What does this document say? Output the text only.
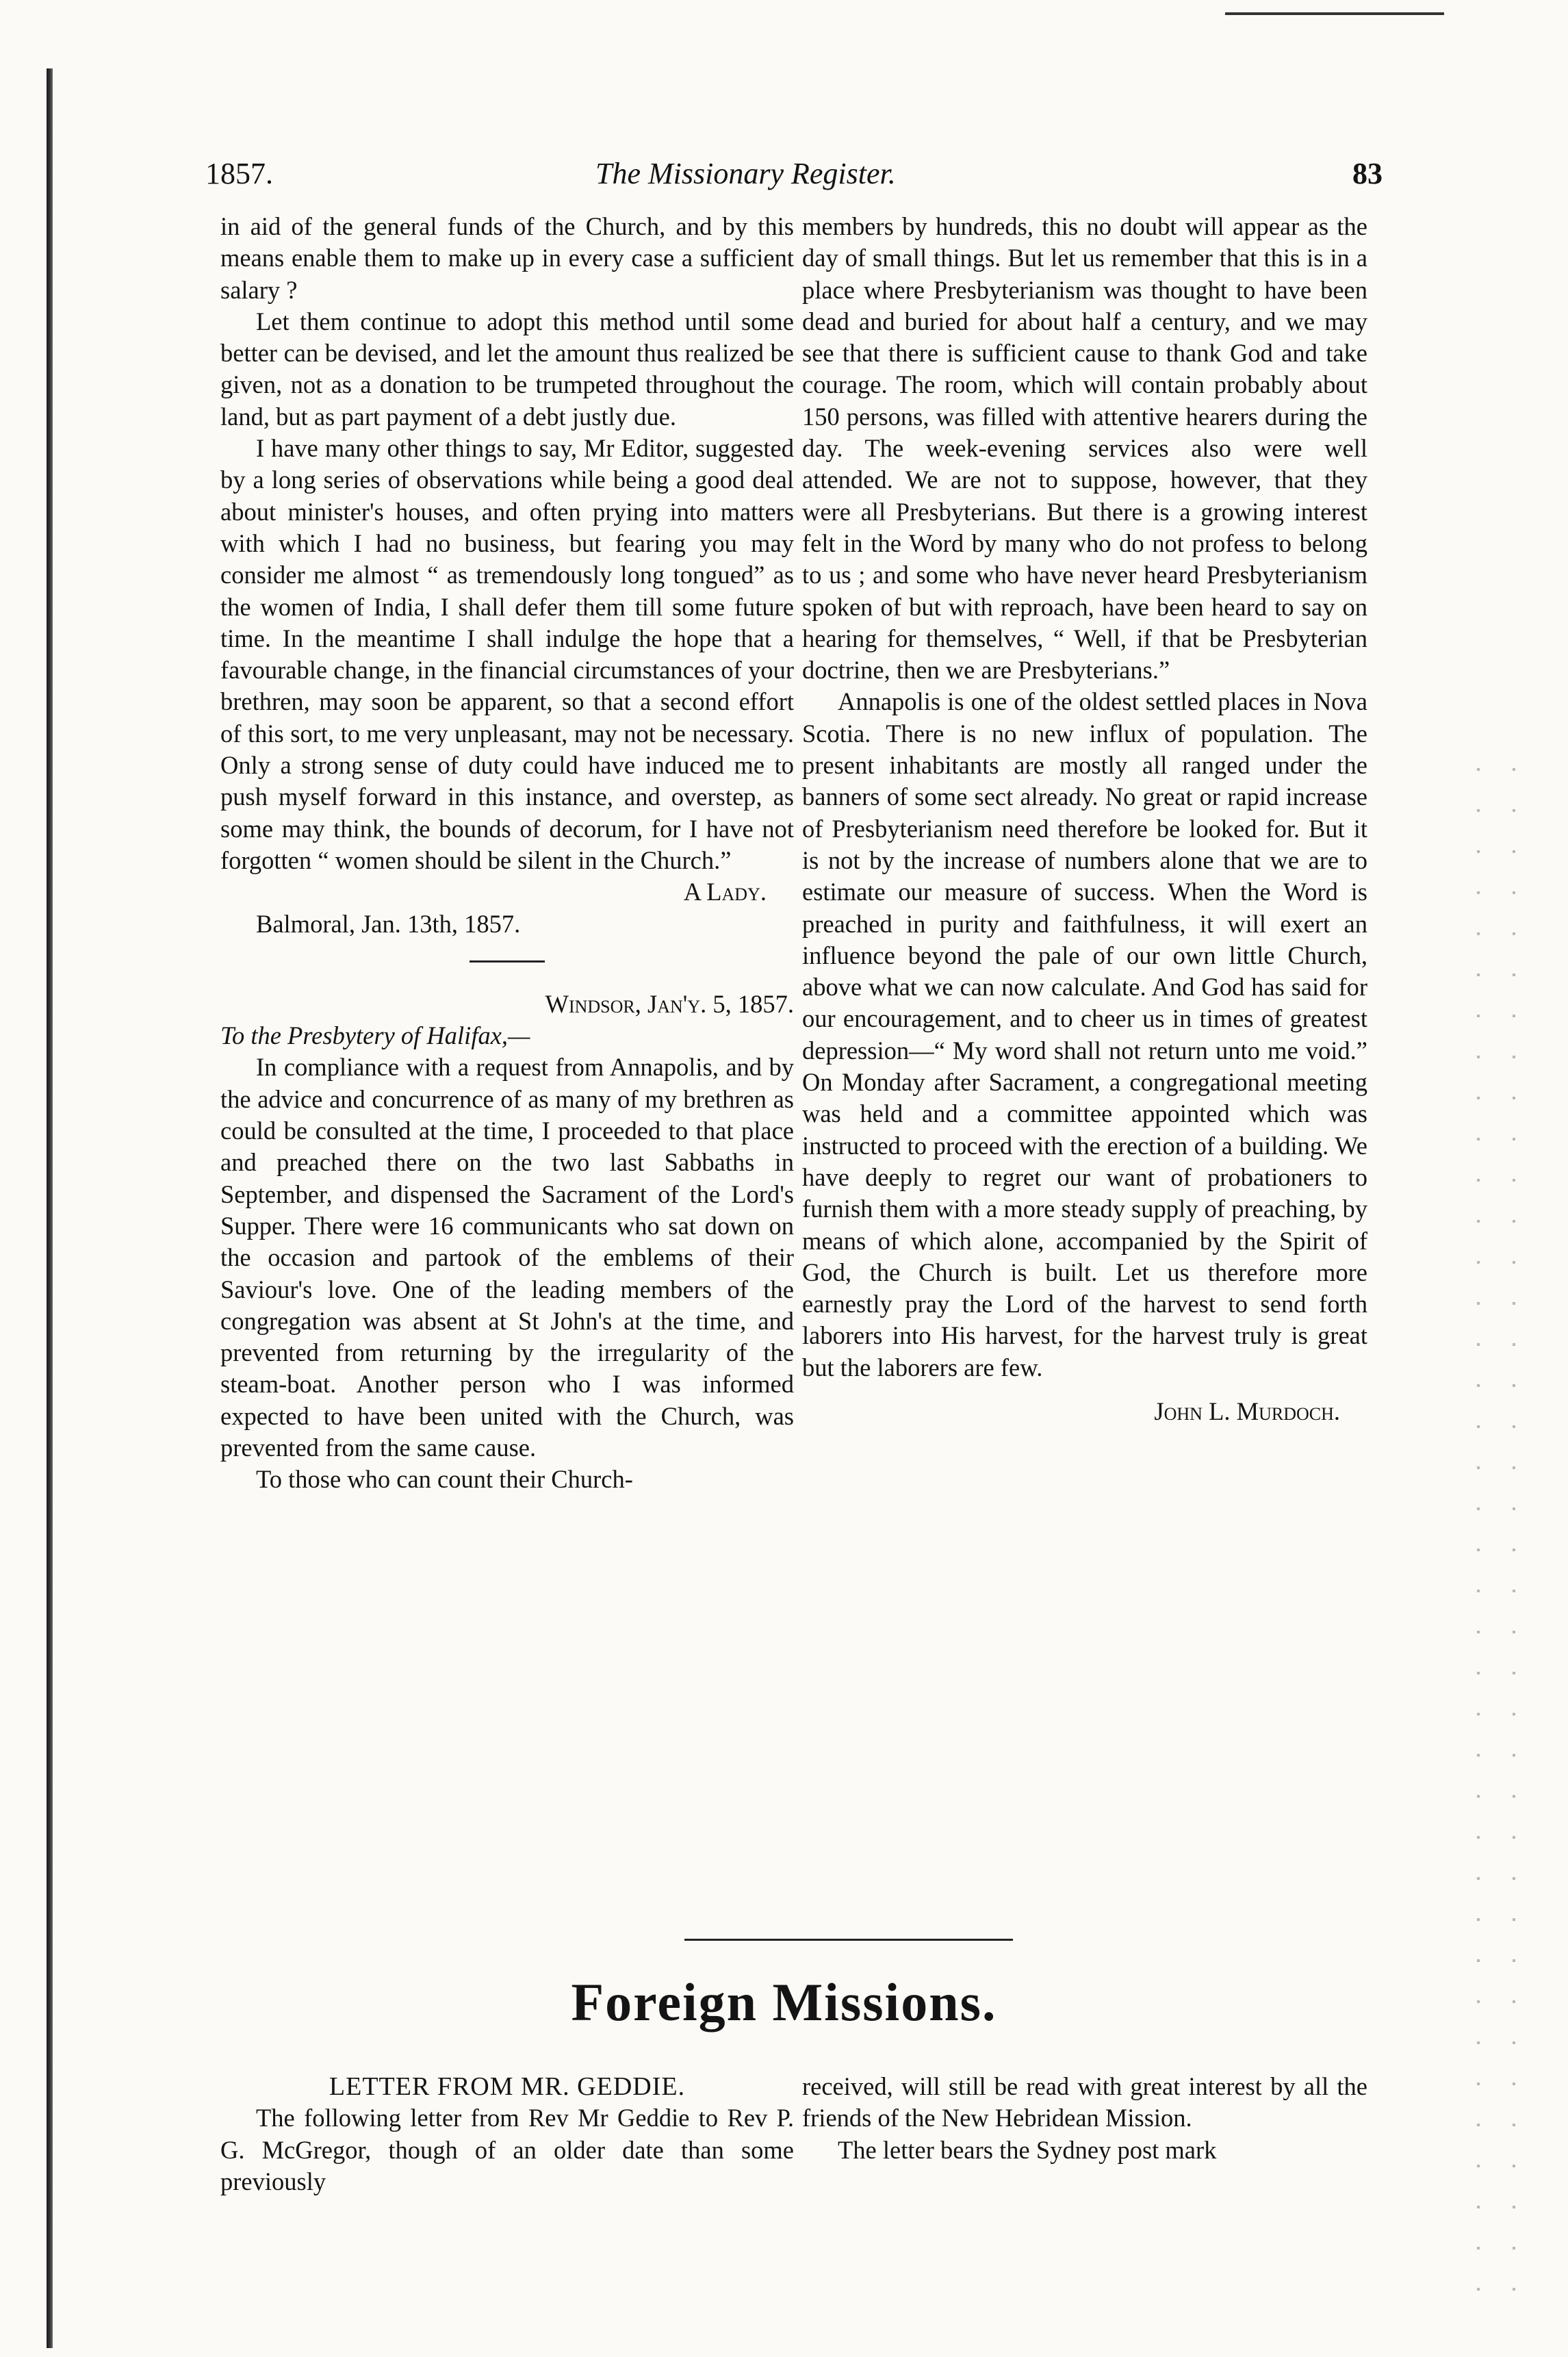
1857.	The Missionary Register.	83

in aid of the general funds of the Church, and by this means enable them to make up in every case a sufficient salary ?

Let them continue to adopt this method until some better can be devised, and let the amount thus realized be given, not as a donation to be trumpeted throughout the land, but as part payment of a debt justly due.

I have many other things to say, Mr Editor, suggested by a long series of observations while being a good deal about minister's houses, and often prying into matters with which I had no business, but fearing you may consider me almost “ as tremendously long tongued” as the women of India, I shall defer them till some future time. In the meantime I shall indulge the hope that a favourable change, in the financial circumstances of your brethren, may soon be apparent, so that a second effort of this sort, to me very unpleasant, may not be necessary. Only a strong sense of duty could have induced me to push myself forward in this instance, and overstep, as some may think, the bounds of decorum, for I have not forgotten “ women should be silent in the Church.”

A Lady.

Balmoral, Jan. 13th, 1857.

Windsor, Jan'y. 5, 1857.

To the Presbytery of Halifax,—

In compliance with a request from Annapolis, and by the advice and concurrence of as many of my brethren as could be consulted at the time, I proceeded to that place and preached there on the two last Sabbaths in September, and dispensed the Sacrament of the Lord's Supper. There were 16 communicants who sat down on the occasion and partook of the emblems of their Saviour's love. One of the leading members of the congregation was absent at St John's at the time, and prevented from returning by the irregularity of the steam-boat. Another person who I was informed expected to have been united with the Church, was prevented from the same cause.

To those who can count their Church-

members by hundreds, this no doubt will appear as the day of small things. But let us remember that this is in a place where Presbyterianism was thought to have been dead and buried for about half a century, and we may see that there is sufficient cause to thank God and take courage. The room, which will contain probably about 150 persons, was filled with attentive hearers during the day. The week-evening services also were well attended. We are not to suppose, however, that they were all Presbyterians. But there is a growing interest felt in the Word by many who do not profess to belong to us ; and some who have never heard Presbyterianism spoken of but with reproach, have been heard to say on hearing for themselves, “ Well, if that be Presbyterian doctrine, then we are Presbyterians.”

Annapolis is one of the oldest settled places in Nova Scotia. There is no new influx of population. The present inhabitants are mostly all ranged under the banners of some sect already. No great or rapid increase of Presbyterianism need therefore be looked for. But it is not by the increase of numbers alone that we are to estimate our measure of success. When the Word is preached in purity and faithfulness, it will exert an influence beyond the pale of our own little Church, above what we can now calculate. And God has said for our encouragement, and to cheer us in times of greatest depression—“ My word shall not return unto me void.” On Monday after Sacrament, a congregational meeting was held and a committee appointed which was instructed to proceed with the erection of a building. We have deeply to regret our want of probationers to furnish them with a more steady supply of preaching, by means of which alone, accompanied by the Spirit of God, the Church is built. Let us therefore more earnestly pray the Lord of the harvest to send forth laborers into His harvest, for the harvest truly is great but the laborers are few.

John L. Murdoch.

Foreign Missions.

LETTER FROM MR. GEDDIE.

The following letter from Rev Mr Geddie to Rev P. G. McGregor, though of an older date than some previously

received, will still be read with great interest by all the friends of the New Hebridean Mission.

The letter bears the Sydney post mark
